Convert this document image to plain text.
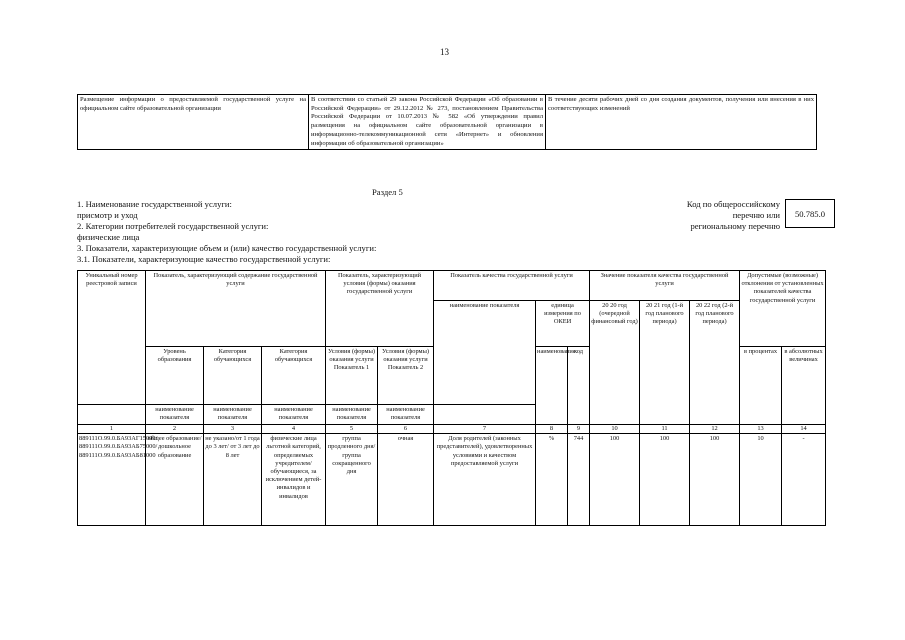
13
Размещение информации о предоставляемой государственной услуге на официальном сайте образовательной организации	В соответствии со статьей 29 закона Российской Федерации «Об образовании в Российской Федерации» от 29.12.2012 № 273, постановлением Правительства Российской Федерации от 10.07.2013 № 582 «Об утверждении правил размещения на официальном сайте образовательной организации в информационно-телекоммуникационной сети «Интернет» и обновления информации об образовательной организации»	В течение десяти рабочих дней со дня создания документов, получения или внесения в них соответствующих изменений
Раздел 5
1. Наименование государственной услуги:
присмотр и уход
2. Категории потребителей государственной услуги:
физические лица
3. Показатели, характеризующие объем и (или) качество государственной услуги:
3.1. Показатели, характеризующие качество государственной услуги:
Код по общероссийскому
перечню или
региональному перечню
50.785.0
Уникальный номер реестровой записи	Показатель, характеризующий содержание государственной услуги			Показатель, характеризующий условия (формы) оказания государственной услуги		Показатель качества государственной услуги			Значение показателя качества государственной услуги			Допустимые (возможные) отклонения от установленных показателей качества государственной услуги	
						наименование показателя	единица измерения по ОКЕИ		20 20 год (очередной финансовый год)	20 21 год (1-й год планового периода)	20 22 год (2-й год планового периода)		
	Уровень образования	Категория обучающихся	Категория обучающихся	Условия (формы) оказания услуги Показатель 1	Условия (формы) оказания услуги Показатель 2		наименование	код				в процентах	в абсолютных величинах
	наименование показателя	наименование показателя	наименование показателя	наименование показателя	наименование показателя								
1	2	3	4	5	6	7	8	9	10	11	12	13	14
889111О.99.0.БА93АГ15000/ 889111О.99.0.БА93АБ75000/ 889111О.99.0.БА93АБ81000	общее образование/ дошкольное образование	не указано/от 1 года до 3 лет/ от 3 лет до 8 лет	физические лица льготной категорий, определяемых учредителем/ обучающиеся, за исключением детей-инвалидов и инвалидов	группа продленного дня/ группа сокращенного дня	очная	Доля родителей (законных представителей), удовлетворенных условиями и качеством предоставляемой услуги	%	744	100	100	100	10	-
